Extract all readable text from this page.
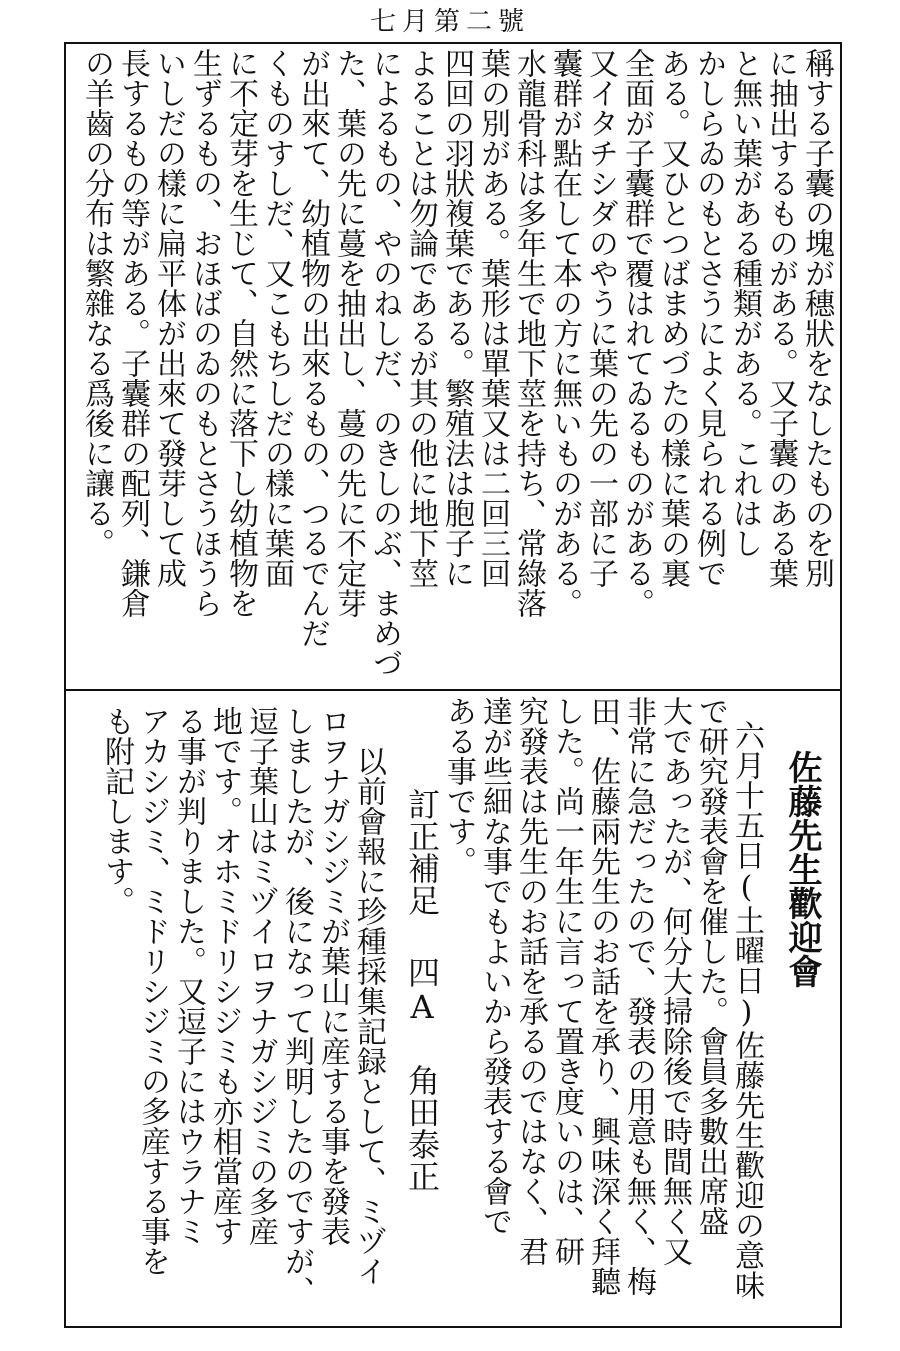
七月第二號
稱する子囊の塊が穗狀をなしたものを別
に抽出するものがある。又子囊のある葉
と無い葉がある種類がある。これはし
かしらゐのもとさうによく見られる例で
ある。又ひとつばまめづたの樣に葉の裏
全面が子囊群で覆はれてゐるものがある。
又イタチシダのやうに葉の先の一部に子
囊群が點在して本の方に無いものがある。
水龍骨科は多年生で地下莖を持ち、常綠落
葉の別がある。葉形は單葉又は二回三回
四回の羽狀複葉である。繁殖法は胞子に
よることは勿論であるが其の他に地下莖
によるもの、やのねしだ、のきしのぶ、まめづ
た、葉の先に蔓を抽出し、蔓の先に不定芽
が出來て、幼植物の出來るもの、つるでんだ
くものすしだ、又こもちしだの樣に葉面
に不定芽を生じて、自然に落下し幼植物を
生ずるもの、おほばのゐのもとさうほうら
いしだの樣に扁平体が出來て發芽して成
長するもの等がある。子囊群の配列、鎌倉
の羊齒の分布は繁雜なる爲後に讓る。
佐藤先生歡迎會
六月十五日(土曜日)佐藤先生歡迎の意味
で研究發表會を催した。會員多數出席盛
大であったが、何分大掃除後で時間無く又
非常に急だったので、發表の用意も無く、梅
田、佐藤兩先生のお話を承り、興味深く拜聽
した。尚一年生に言って置き度いのは、研
究發表は先生のお話を承るのではなく、君
達が些細な事でもよいから發表する會で
ある事です。
訂正補足
四A 角田泰正
以前會報に珍種採集記録として、ミヅイ
ロヲナガシジミが葉山に産する事を發表
しましたが、後になって判明したのですが、
逗子葉山はミヅイロヲナガシジミの多産
地です。オホミドリシジミも亦相當産す
る事が判りました。又逗子にはウラナミ
アカシジミ、ミドリシジミの多産する事を
も附記します。
